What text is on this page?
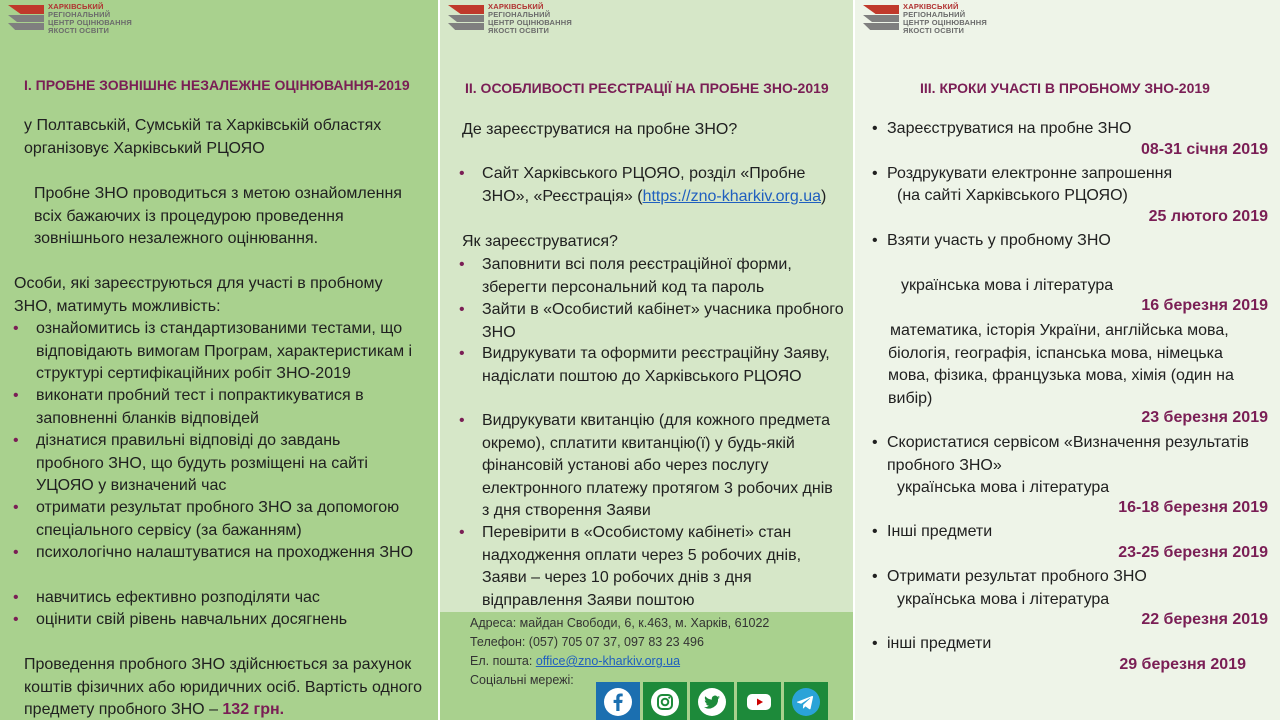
ХАРКІВСЬКИЙ
РЕГІОНАЛЬНИЙ
ЦЕНТР ОЦІНЮВАННЯ
ЯКОСТІ ОСВІТИ
І. ПРОБНЕ ЗОВНІШНЄ НЕЗАЛЕЖНЕ ОЦІНЮВАННЯ-2019
у Полтавській, Сумській та Харківській областях організовує Харківський РЦОЯО
Пробне ЗНО проводиться з метою ознайомлення всіх бажаючих із процедурою проведення зовнішнього незалежного оцінювання.
Особи, які зареєструються для участі в пробному ЗНО, матимуть можливість:
• ознайомитись із стандартизованими тестами, що відповідають вимогам Програм, характеристикам і структурі сертифікаційних робіт ЗНО-2019
• виконати пробний тест і попрактикуватися в заповненні бланків відповідей
• дізнатися правильні відповіді до завдань пробного ЗНО, що будуть розміщені на сайті УЦОЯО у визначений час
• отримати результат пробного ЗНО за допомогою спеціального сервісу (за бажанням)
• психологічно налаштуватися на проходження ЗНО
• навчитись ефективно розподіляти час
• оцінити свій рівень навчальних досягнень
Проведення пробного ЗНО здійснюється за рахунок коштів фізичних або юридичних осіб. Вартість одного предмету пробного ЗНО – 132 грн.
ХАРКІВСЬКИЙ
РЕГІОНАЛЬНИЙ
ЦЕНТР ОЦІНЮВАННЯ
ЯКОСТІ ОСВІТИ
ІІ. ОСОБЛИВОСТІ РЕЄСТРАЦІЇ НА ПРОБНЕ ЗНО-2019
Де зареєструватися на пробне ЗНО?
• Сайт Харківського РЦОЯО, розділ «Пробне ЗНО», «Реєстрація» (https://zno-kharkiv.org.ua)
Як зареєструватися?
• Заповнити всі поля реєстраційної форми, зберегти персональний код та пароль
• Зайти в «Особистий кабінет» учасника пробного ЗНО
• Видрукувати та оформити реєстраційну Заяву, надіслати поштою до Харківського РЦОЯО
• Видрукувати квитанцію (для кожного предмета окремо), сплатити квитанцію(ї) у будь-якій фінансовій установі або через послугу електронного платежу протягом 3 робочих днів з дня створення Заяви
• Перевірити в «Особистому кабінеті» стан надходження оплати через 5 робочих днів, Заяви – через 10 робочих днів з дня відправлення Заяви поштою
Адреса: майдан Свободи, 6, к.463, м. Харків, 61022
Телефон: (057) 705 07 37, 097 83 23 496
Ел. пошта: office@zno-kharkiv.org.ua
Соціальні мережі:
ХАРКІВСЬКИЙ
РЕГІОНАЛЬНИЙ
ЦЕНТР ОЦІНЮВАННЯ
ЯКОСТІ ОСВІТИ
ІІІ. КРОКИ УЧАСТІ В ПРОБНОМУ ЗНО-2019
• Зареєструватися на пробне ЗНО
08-31 січня 2019
• Роздрукувати електронне запрошення
(на сайті Харківського РЦОЯО)
25 лютого 2019
• Взяти участь у пробному ЗНО
українська мова і література
16 березня 2019
математика, історія України, англійська мова, біологія, географія, іспанська мова, німецька мова, фізика, французька мова, хімія (один на вибір)
23 березня 2019
• Скористатися сервісом «Визначення результатів пробного ЗНО»
українська мова і література
16-18 березня 2019
• Інші предмети
23-25 березня 2019
• Отримати результат пробного ЗНО
українська мова і література
22 березня 2019
• інші предмети
29 березня 2019
